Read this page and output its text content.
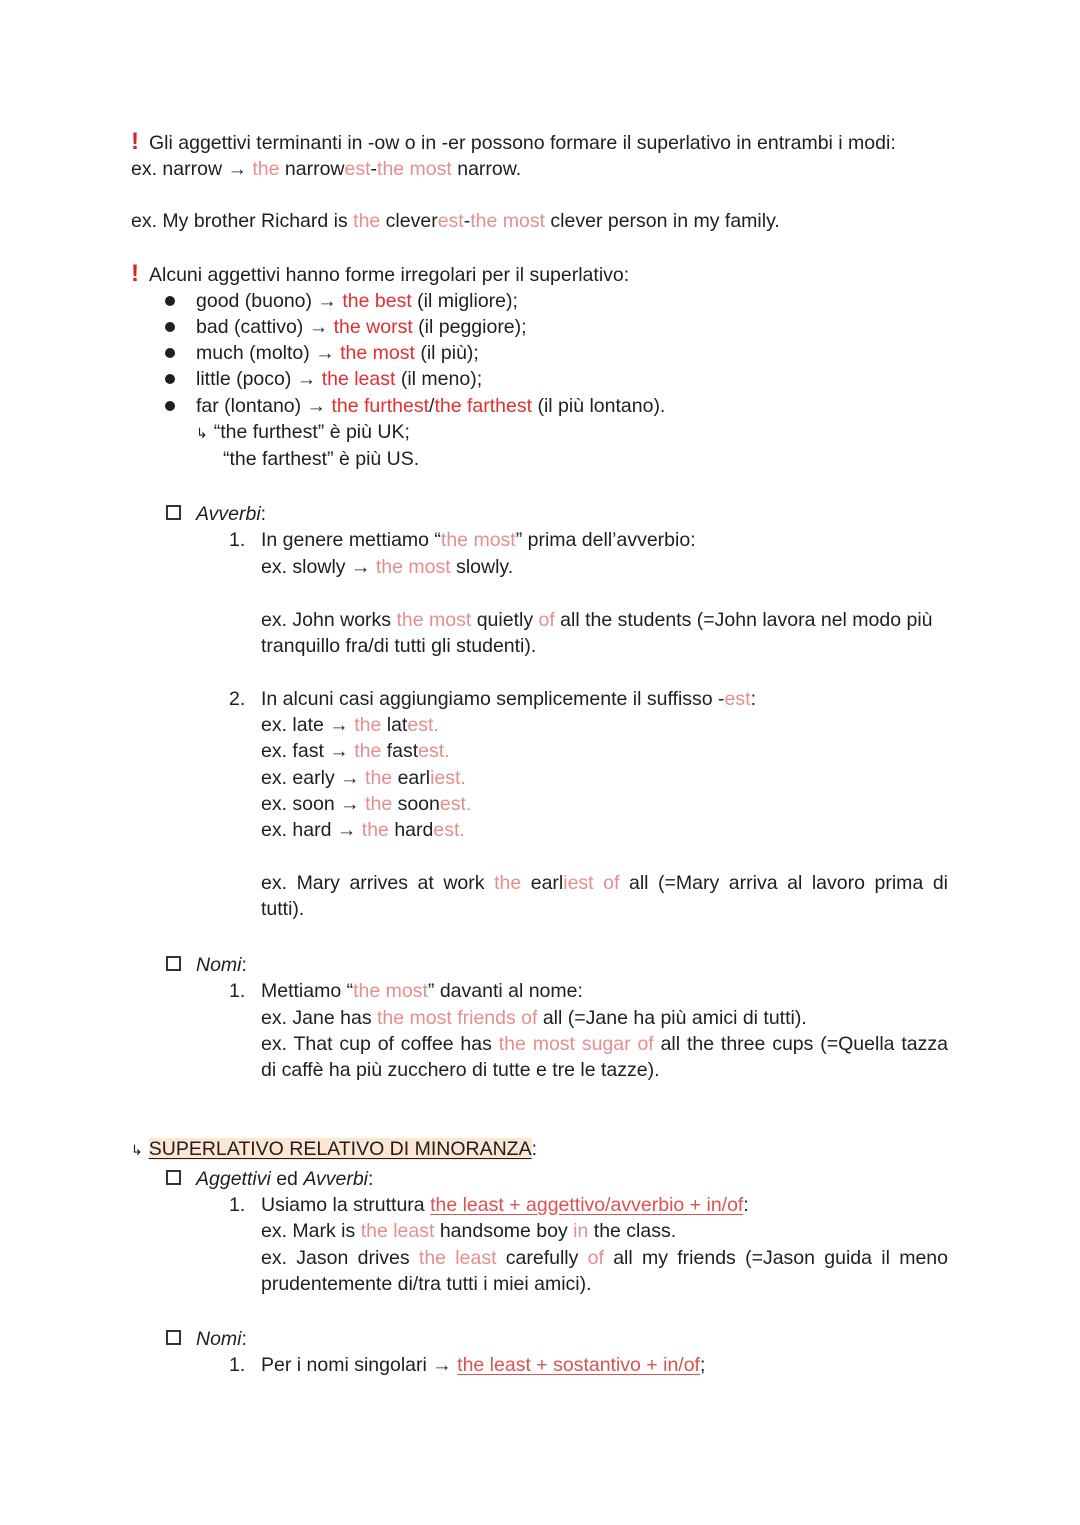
! Gli aggettivi terminanti in -ow o in -er possono formare il superlativo in entrambi i modi:
ex. narrow → the narrowest-the most narrow.
ex. My brother Richard is the cleverest-the most clever person in my family.
! Alcuni aggettivi hanno forme irregolari per il superlativo:
good (buono) → the best (il migliore);
bad (cattivo) → the worst (il peggiore);
much (molto) → the most (il più);
little (poco) → the least (il meno);
far (lontano) → the furthest/the farthest (il più lontano).
↳ “the furthest” è più UK;
“the farthest” è più US.
Avverbi:
1. In genere mettiamo “the most” prima dell’avverbio:
ex. slowly → the most slowly.
ex. John works the most quietly of all the students (=John lavora nel modo più
tranquillo fra/di tutti gli studenti).
2. In alcuni casi aggiungiamo semplicemente il suffisso -est:
ex. late → the latest.
ex. fast → the fastest.
ex. early → the earliest.
ex. soon → the soonest.
ex. hard → the hardest.
ex. Mary arrives at work the earliest of all (=Mary arriva al lavoro prima di
tutti).
Nomi:
1. Mettiamo “the most” davanti al nome:
ex. Jane has the most friends of all (=Jane ha più amici di tutti).
ex. That cup of coffee has the most sugar of all the three cups (=Quella tazza
di caffè ha più zucchero di tutte e tre le tazze).
↳ SUPERLATIVO RELATIVO DI MINORANZA:
Aggettivi ed Avverbi:
1. Usiamo la struttura the least + aggettivo/avverbio + in/of:
ex. Mark is the least handsome boy in the class.
ex. Jason drives the least carefully of all my friends (=Jason guida il meno
prudentemente di/tra tutti i miei amici).
Nomi:
1. Per i nomi singolari → the least + sostantivo + in/of;
